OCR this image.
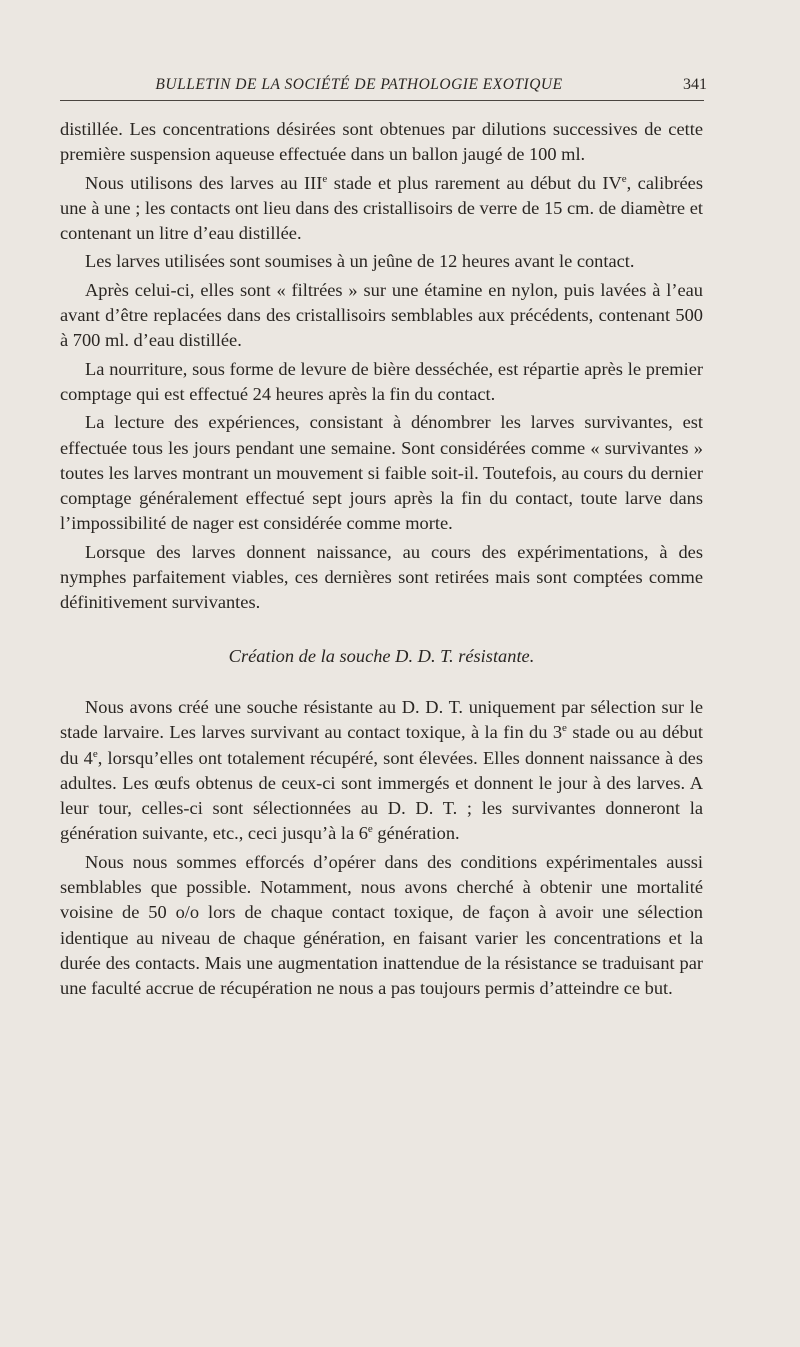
BULLETIN DE LA SOCIÉTÉ DE PATHOLOGIE EXOTIQUE	341

distillée. Les concentrations désirées sont obtenues par dilutions successives de cette première suspension aqueuse effectuée dans un ballon jaugé de 100 ml.

Nous utilisons des larves au IIIe stade et plus rarement au début du IVe, calibrées une à une ; les contacts ont lieu dans des cristallisoirs de verre de 15 cm. de diamètre et contenant un litre d’eau distillée.

Les larves utilisées sont soumises à un jeûne de 12 heures avant le contact.

Après celui-ci, elles sont « filtrées » sur une étamine en nylon, puis lavées à l’eau avant d’être replacées dans des cristallisoirs semblables aux précédents, contenant 500 à 700 ml. d’eau distillée.

La nourriture, sous forme de levure de bière desséchée, est répartie après le premier comptage qui est effectué 24 heures après la fin du contact.

La lecture des expériences, consistant à dénombrer les larves survivantes, est effectuée tous les jours pendant une semaine. Sont considérées comme « survivantes » toutes les larves montrant un mouvement si faible soit-il. Toutefois, au cours du dernier comptage généralement effectué sept jours après la fin du contact, toute larve dans l’impossibilité de nager est considérée comme morte.

Lorsque des larves donnent naissance, au cours des expérimentations, à des nymphes parfaitement viables, ces dernières sont retirées mais sont comptées comme définitivement survivantes.

Création de la souche D. D. T. résistante.

Nous avons créé une souche résistante au D. D. T. uniquement par sélection sur le stade larvaire. Les larves survivant au contact toxique, à la fin du 3e stade ou au début du 4e, lorsqu’elles ont totalement récupéré, sont élevées. Elles donnent naissance à des adultes. Les œufs obtenus de ceux-ci sont immergés et donnent le jour à des larves. A leur tour, celles-ci sont sélectionnées au D. D. T. ; les survivantes donneront la génération suivante, etc., ceci jusqu’à la 6e génération.

Nous nous sommes efforcés d’opérer dans des conditions expérimentales aussi semblables que possible. Notamment, nous avons cherché à obtenir une mortalité voisine de 50 o/o lors de chaque contact toxique, de façon à avoir une sélection identique au niveau de chaque génération, en faisant varier les concentrations et la durée des contacts. Mais une augmentation inattendue de la résistance se traduisant par une faculté accrue de récupération ne nous a pas toujours permis d’atteindre ce but.
